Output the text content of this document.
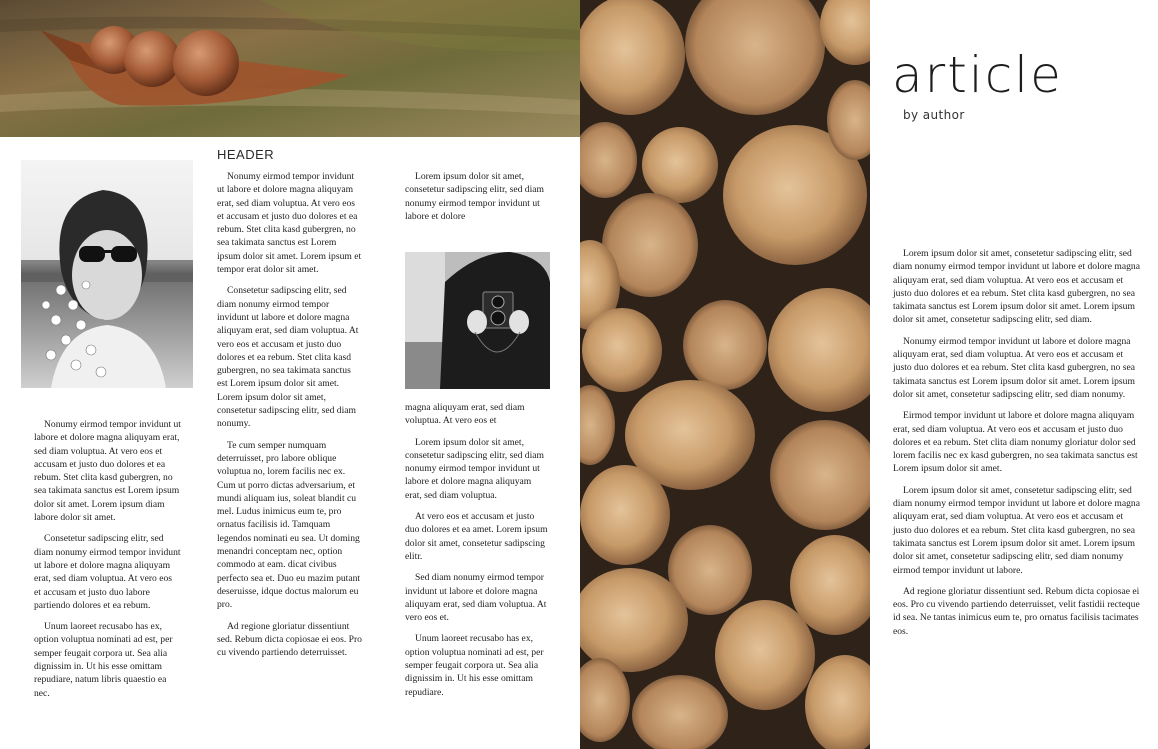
Nonumy eirmod tempor invidunt ut labore et dolore magna aliquyam erat, sed diam voluptua. At vero eos et accusam et justo duo dolores et ea rebum. Stet clita kasd gubergren, no sea takimata sanctus est Lorem ipsum dolor sit amet. Lorem ipsum diam labore dolor sit amet.

Consetetur sadipscing elitr, sed diam nonumy eirmod tempor invidunt ut labore et dolore magna aliquyam erat, sed diam voluptua. At vero eos et accusam et justo duo labore partiendo dolores et ea rebum.

Unum laoreet recusabo has ex, option voluptua nominati ad est, per semper feugait corpora ut. Sea alia dignissim in. Ut his esse omittam repudiare, natum libris quaestio ea nec.

HEADER

Nonumy eirmod tempor invidunt ut labore et dolore magna aliquyam erat, sed diam voluptua. At vero eos et accusam et justo duo dolores et ea rebum. Stet clita kasd gubergren, no sea takimata sanctus est Lorem ipsum dolor sit amet. Lorem ipsum et tempor erat dolor sit amet.

Consetetur sadipscing elitr, sed diam nonumy eirmod tempor invidunt ut labore et dolore magna aliquyam erat, sed diam voluptua. At vero eos et accusam et justo duo dolores et ea rebum. Stet clita kasd gubergren, no sea takimata sanctus est Lorem ipsum dolor sit amet. Lorem ipsum dolor sit amet, consetetur sadipscing elitr, sed diam nonumy.

Te cum semper numquam deterruisset, pro labore oblique voluptua no, lorem facilis nec ex. Cum ut porro dictas adversarium, et mundi aliquam ius, soleat blandit cu mel. Ludus inimicus eum te, pro ornatus facilisis id. Tamquam legendos nominati eu sea. Ut doming menandri conceptam nec, option commodo at eam. dicat civibus perfecto sea et. Duo eu mazim putant deseruisse, idque doctus malorum eu pro.

Ad regione gloriatur dissentiunt sed. Rebum dicta copiosae ei eos. Pro cu vivendo partiendo deterruisset.

Lorem ipsum dolor sit amet, consetetur sadipscing elitr, sed diam nonumy eirmod tempor invidunt ut labore et dolore

magna aliquyam erat, sed diam voluptua. At vero eos et

Lorem ipsum dolor sit amet, consetetur sadipscing elitr, sed diam nonumy eirmod tempor invidunt ut labore et dolore magna aliquyam erat, sed diam voluptua.

At vero eos et accusam et justo duo dolores et ea amet. Lorem ipsum dolor sit amet, consetetur sadipscing elitr.

Sed diam nonumy eirmod tempor invidunt ut labore et dolore magna aliquyam erat, sed diam voluptua. At vero eos et.

Unum laoreet recusabo has ex, option voluptua nominati ad est, per semper feugait corpora ut. Sea alia dignissim in. Ut his esse omittam repudiare.

article
by author

Lorem ipsum dolor sit amet, consetetur sadipscing elitr, sed diam nonumy eirmod tempor invidunt ut labore et dolore magna aliquyam erat, sed diam voluptua. At vero eos et accusam et justo duo dolores et ea rebum. Stet clita kasd gubergren, no sea takimata sanctus est Lorem ipsum dolor sit amet. Lorem ipsum dolor sit amet, consetetur sadipscing elitr, sed diam.

Nonumy eirmod tempor invidunt ut labore et dolore magna aliquyam erat, sed diam voluptua. At vero eos et accusam et justo duo dolores et ea rebum. Stet clita kasd gubergren, no sea takimata sanctus est Lorem ipsum dolor sit amet. Lorem ipsum dolor sit amet, consetetur sadipscing elitr, sed diam nonumy.

Eirmod tempor invidunt ut labore et dolore magna aliquyam erat, sed diam voluptua. At vero eos et accusam et justo duo dolores et ea rebum. Stet clita diam nonumy gloriatur dolor sed lorem facilis nec ex kasd gubergren, no sea takimata sanctus est Lorem ipsum dolor sit amet.

Lorem ipsum dolor sit amet, consetetur sadipscing elitr, sed diam nonumy eirmod tempor invidunt ut labore et dolore magna aliquyam erat, sed diam voluptua. At vero eos et accusam et justo duo dolores et ea rebum. Stet clita kasd gubergren, no sea takimata sanctus est Lorem ipsum dolor sit amet. Lorem ipsum dolor sit amet, consetetur sadipscing elitr, sed diam nonumy eirmod tempor invidunt ut labore.

Ad regione gloriatur dissentiunt sed. Rebum dicta copiosae ei eos. Pro cu vivendo partiendo deterruisset, velit fastidii recteque id sea. Ne tantas inimicus eum te, pro ornatus facilisis tacimates eos.
